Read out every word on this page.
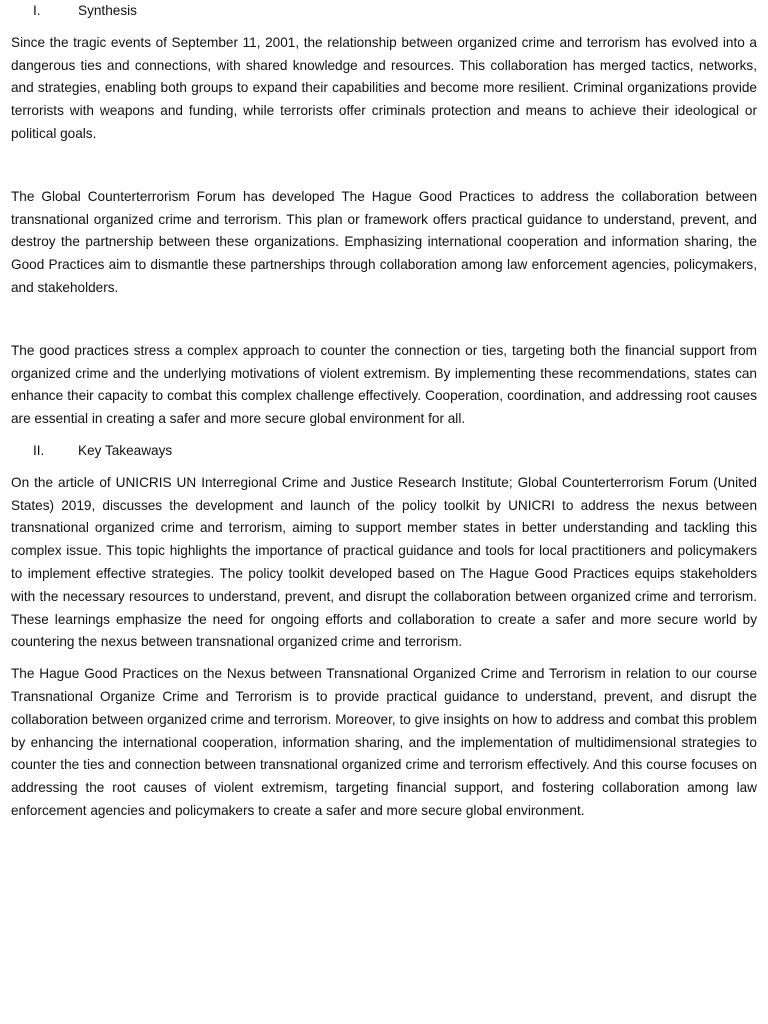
I.	Synthesis

Since the tragic events of September 11, 2001, the relationship between organized crime and terrorism has evolved into a dangerous ties and connections, with shared knowledge and resources. This collaboration has merged tactics, networks, and strategies, enabling both groups to expand their capabilities and become more resilient. Criminal organizations provide terrorists with weapons and funding, while terrorists offer criminals protection and means to achieve their ideological or political goals.

The Global Counterterrorism Forum has developed The Hague Good Practices to address the collaboration between transnational organized crime and terrorism. This plan or framework offers practical guidance to understand, prevent, and destroy the partnership between these organizations. Emphasizing international cooperation and information sharing, the Good Practices aim to dismantle these partnerships through collaboration among law enforcement agencies, policymakers, and stakeholders.

The good practices stress a complex approach to counter the connection or ties, targeting both the financial support from organized crime and the underlying motivations of violent extremism. By implementing these recommendations, states can enhance their capacity to combat this complex challenge effectively. Cooperation, coordination, and addressing root causes are essential in creating a safer and more secure global environment for all.

II.	Key Takeaways

On the article of UNICRIS UN Interregional Crime and Justice Research Institute; Global Counterterrorism Forum (United States) 2019, discusses the development and launch of the policy toolkit by UNICRI to address the nexus between transnational organized crime and terrorism, aiming to support member states in better understanding and tackling this complex issue. This topic highlights the importance of practical guidance and tools for local practitioners and policymakers to implement effective strategies. The policy toolkit developed based on The Hague Good Practices equips stakeholders with the necessary resources to understand, prevent, and disrupt the collaboration between organized crime and terrorism. These learnings emphasize the need for ongoing efforts and collaboration to create a safer and more secure world by countering the nexus between transnational organized crime and terrorism.

The Hague Good Practices on the Nexus between Transnational Organized Crime and Terrorism in relation to our course Transnational Organize Crime and Terrorism is to provide practical guidance to understand, prevent, and disrupt the collaboration between organized crime and terrorism. Moreover, to give insights on how to address and combat this problem by enhancing the international cooperation, information sharing, and the implementation of multidimensional strategies to counter the ties and connection between transnational organized crime and terrorism effectively. And this course focuses on addressing the root causes of violent extremism, targeting financial support, and fostering collaboration among law enforcement agencies and policymakers to create a safer and more secure global environment.
